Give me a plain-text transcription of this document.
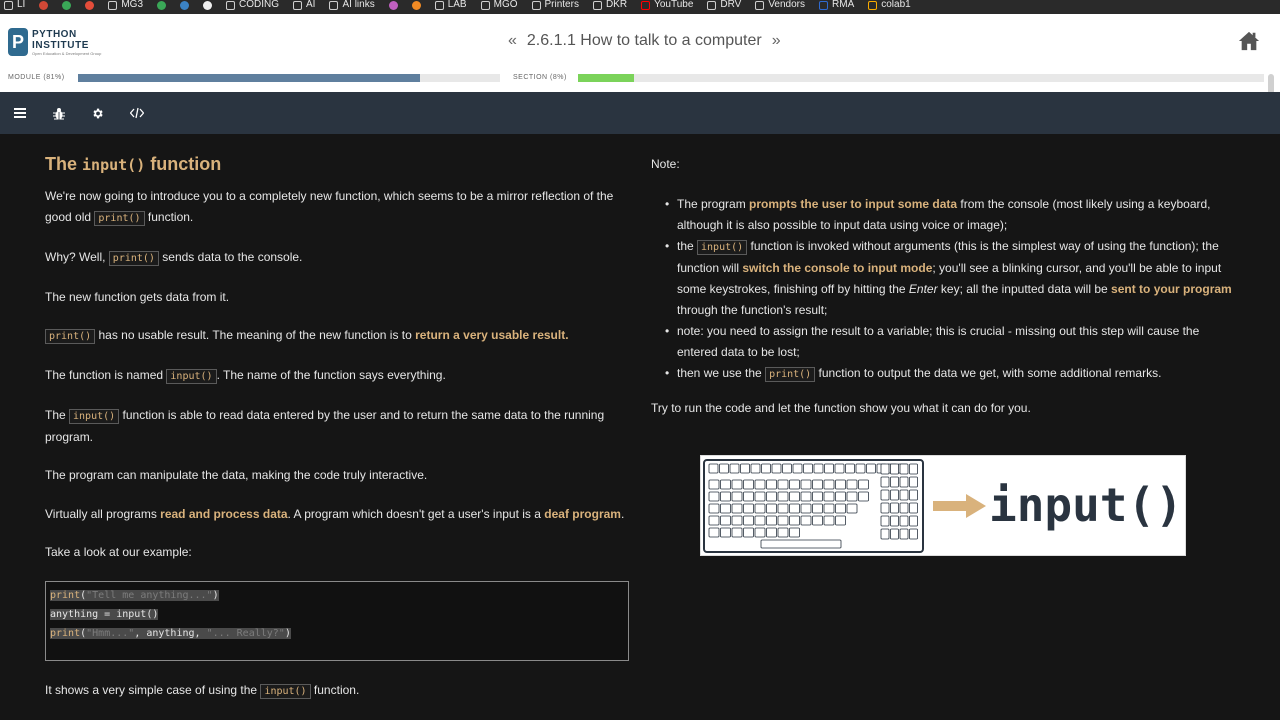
LI	MG3	CODING	AI	AI links	LAB	MGO	Printers	DKR	YouTube	DRV	Vendors	RMA	colab1
P PYTHON
INSTITUTE
Open Education & Development Group
« 2.6.1.1 How to talk to a computer »
MODULE (81%)	SECTION (8%)
The input() function
We're now going to introduce you to a completely new function, which seems to be a mirror reflection of the good old print() function.
Why? Well, print() sends data to the console.
The new function gets data from it.
print() has no usable result. The meaning of the new function is to return a very usable result.
The function is named input() . The name of the function says everything.
The input() function is able to read data entered by the user and to return the same data to the running program.
The program can manipulate the data, making the code truly interactive.
Virtually all programs read and process data. A program which doesn't get a user's input is a deaf program.
Take a look at our example:
print("Tell me anything...")
anything = input()
print("Hmm...", anything, "... Really?")
It shows a very simple case of using the input() function.
Note:
• The program prompts the user to input some data from the console (most likely using a keyboard, although it is also possible to input data using voice or image);
• the input() function is invoked without arguments (this is the simplest way of using the function); the function will switch the console to input mode; you'll see a blinking cursor, and you'll be able to input some keystrokes, finishing off by hitting the Enter key; all the inputted data will be sent to your program through the function's result;
• note: you need to assign the result to a variable; this is crucial - missing out this step will cause the entered data to be lost;
• then we use the print() function to output the data we get, with some additional remarks.
Try to run the code and let the function show you what it can do for you.
input()
